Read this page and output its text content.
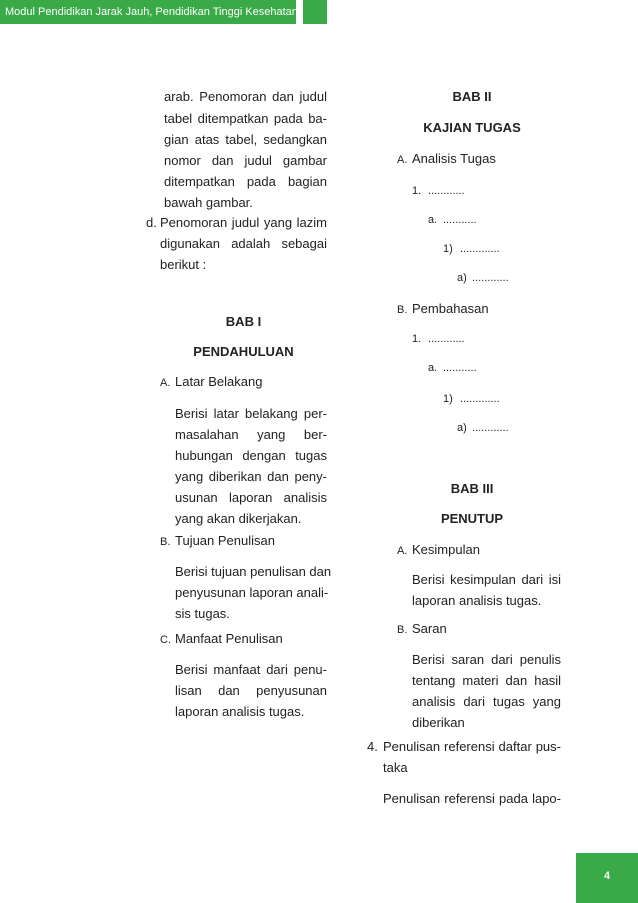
Modul Pendidikan Jarak Jauh, Pendidikan Tinggi Kesehatan
arab. Penomoran dan judul
tabel ditempatkan pada ba-
gian atas tabel, sedangkan
nomor dan judul gambar
ditempatkan pada bagian
bawah gambar.
d. Penomoran judul yang lazim
digunakan adalah sebagai
berikut :
BAB I
PENDAHULUAN
A. Latar Belakang
Berisi latar belakang per-
masalahan yang ber-
hubungan dengan tugas
yang diberikan dan peny-
usunan laporan analisis
yang akan dikerjakan.
B. Tujuan Penulisan
Berisi tujuan penulisan dan
penyusunan laporan anali-
sis tugas.
C. Manfaat Penulisan
Berisi manfaat dari penu-
lisan dan penyusunan
laporan analisis tugas.
BAB II
KAJIAN TUGAS
A. Analisis Tugas
1. ............
a. ...........
1) .............
a) ............
B. Pembahasan
1. ............
a. ...........
1) .............
a) ............
BAB III
PENUTUP
A. Kesimpulan
Berisi kesimpulan dari isi
laporan analisis tugas.
B. Saran
Berisi saran dari penulis
tentang materi dan hasil
analisis dari tugas yang
diberikan
4. Penulisan referensi daftar pus-
taka
Penulisan referensi pada lapo-
4
